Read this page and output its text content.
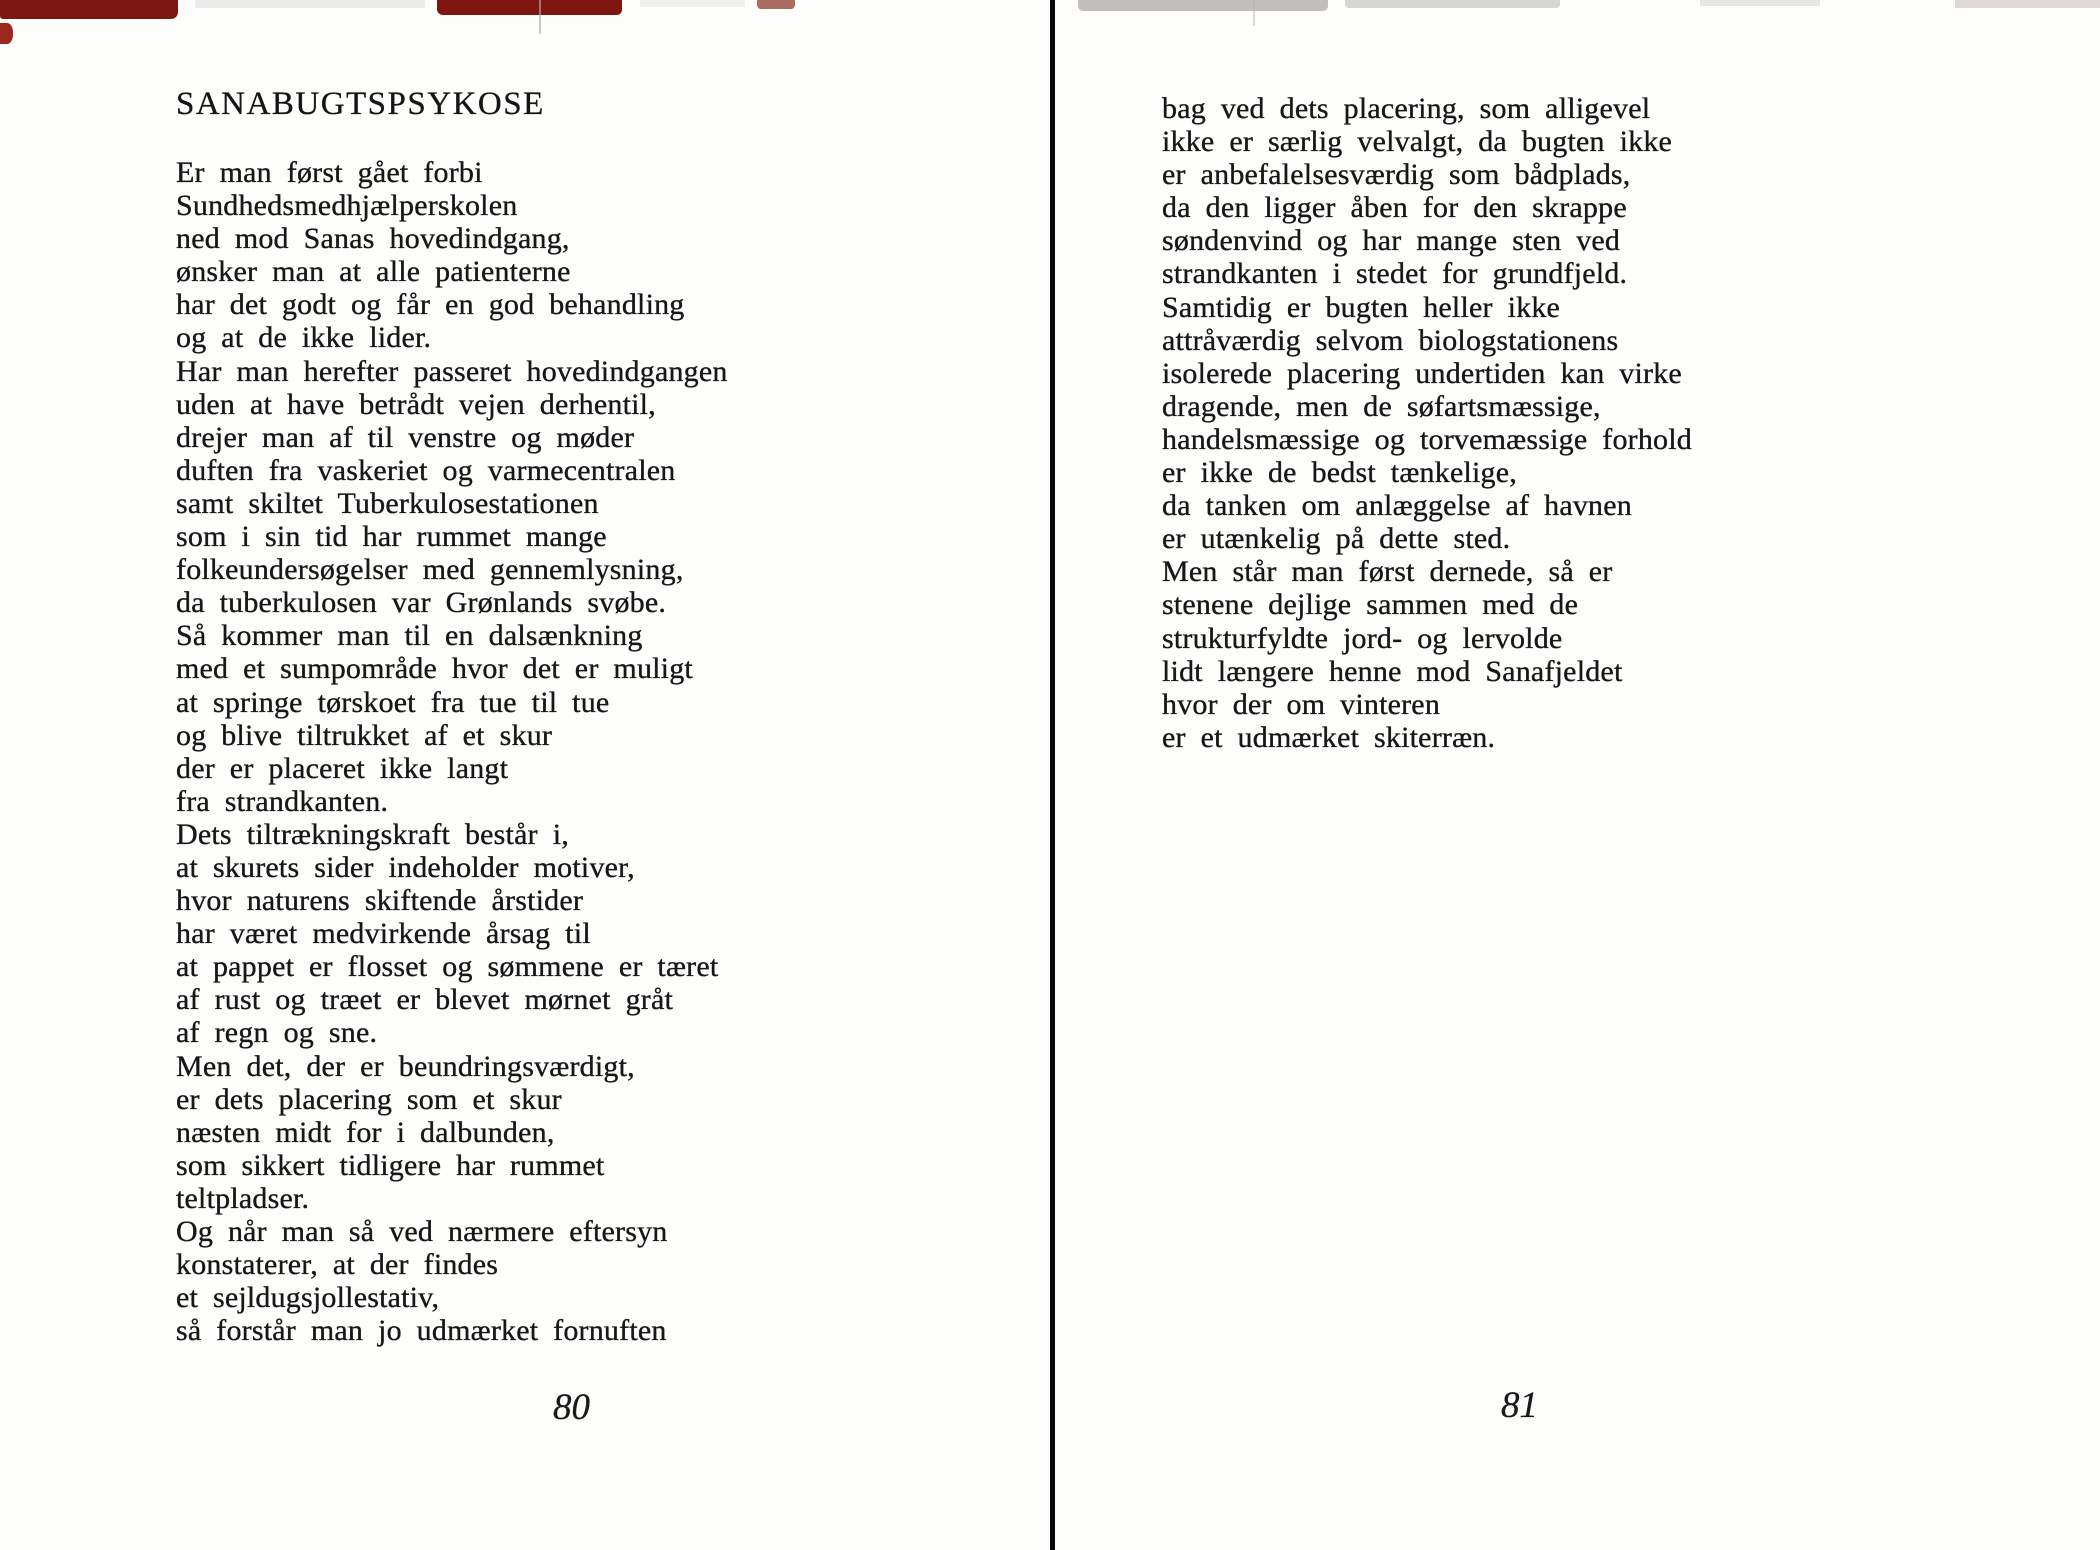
SANABUGTSPSYKOSE
Er man først gået forbi
Sundhedsmedhjælperskolen
ned mod Sanas hovedindgang,
ønsker man at alle patienterne
har det godt og får en god behandling
og at de ikke lider.
Har man herefter passeret hovedindgangen
uden at have betrådt vejen derhentil,
drejer man af til venstre og møder
duften fra vaskeriet og varmecentralen
samt skiltet Tuberkulosestationen
som i sin tid har rummet mange
folkeundersøgelser med gennemlysning,
da tuberkulosen var Grønlands svøbe.
Så kommer man til en dalsænkning
med et sumpområde hvor det er muligt
at springe tørskoet fra tue til tue
og blive tiltrukket af et skur
der er placeret ikke langt
fra strandkanten.
Dets tiltrækningskraft består i,
at skurets sider indeholder motiver,
hvor naturens skiftende årstider
har været medvirkende årsag til
at pappet er flosset og sømmene er tæret
af rust og træet er blevet mørnet gråt
af regn og sne.
Men det, der er beundringsværdigt,
er dets placering som et skur
næsten midt for i dalbunden,
som sikkert tidligere har rummet
teltpladser.
Og når man så ved nærmere eftersyn
konstaterer, at der findes
et sejldugsjollestativ,
så forstår man jo udmærket fornuften
80
bag ved dets placering, som alligevel
ikke er særlig velvalgt, da bugten ikke
er anbefalelsesværdig som bådplads,
da den ligger åben for den skrappe
søndenvind og har mange sten ved
strandkanten i stedet for grundfjeld.
Samtidig er bugten heller ikke
attråværdig selvom biologstationens
isolerede placering undertiden kan virke
dragende, men de søfartsmæssige,
handelsmæssige og torvemæssige forhold
er ikke de bedst tænkelige,
da tanken om anlæggelse af havnen
er utænkelig på dette sted.
Men står man først dernede, så er
stenene dejlige sammen med de
strukturfyldte jord- og lervolde
lidt længere henne mod Sanafjeldet
hvor der om vinteren
er et udmærket skiterræn.
81
